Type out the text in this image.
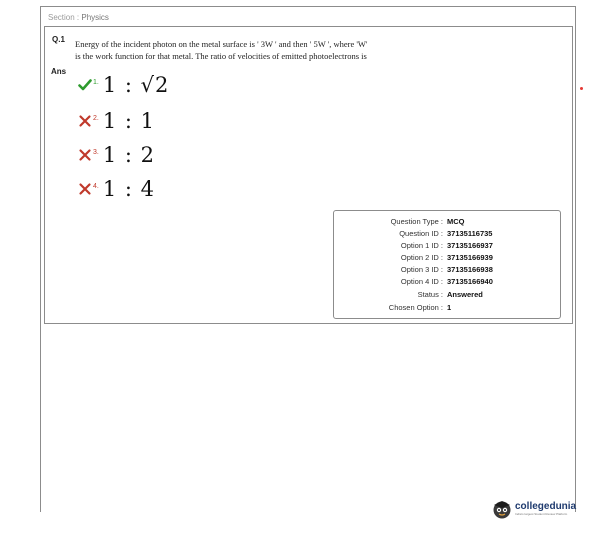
Section : Physics
Q.1 Energy of the incident photon on the metal surface is ' 3W ' and then ' 5W ', where 'W'
is the work function for that metal. The ratio of velocities of emitted photoelectrons is
Ans
1. 1 : √2
2. 1 : 1
3. 1 : 2
4. 1 : 4
Question Type : MCQ
Question ID : 37135116735
Option 1 ID : 37135166937
Option 2 ID : 37135166939
Option 3 ID : 37135166938
Option 4 ID : 37135166940
Status : Answered
Chosen Option : 1
collegedunia
India's largest Student Review Platform
